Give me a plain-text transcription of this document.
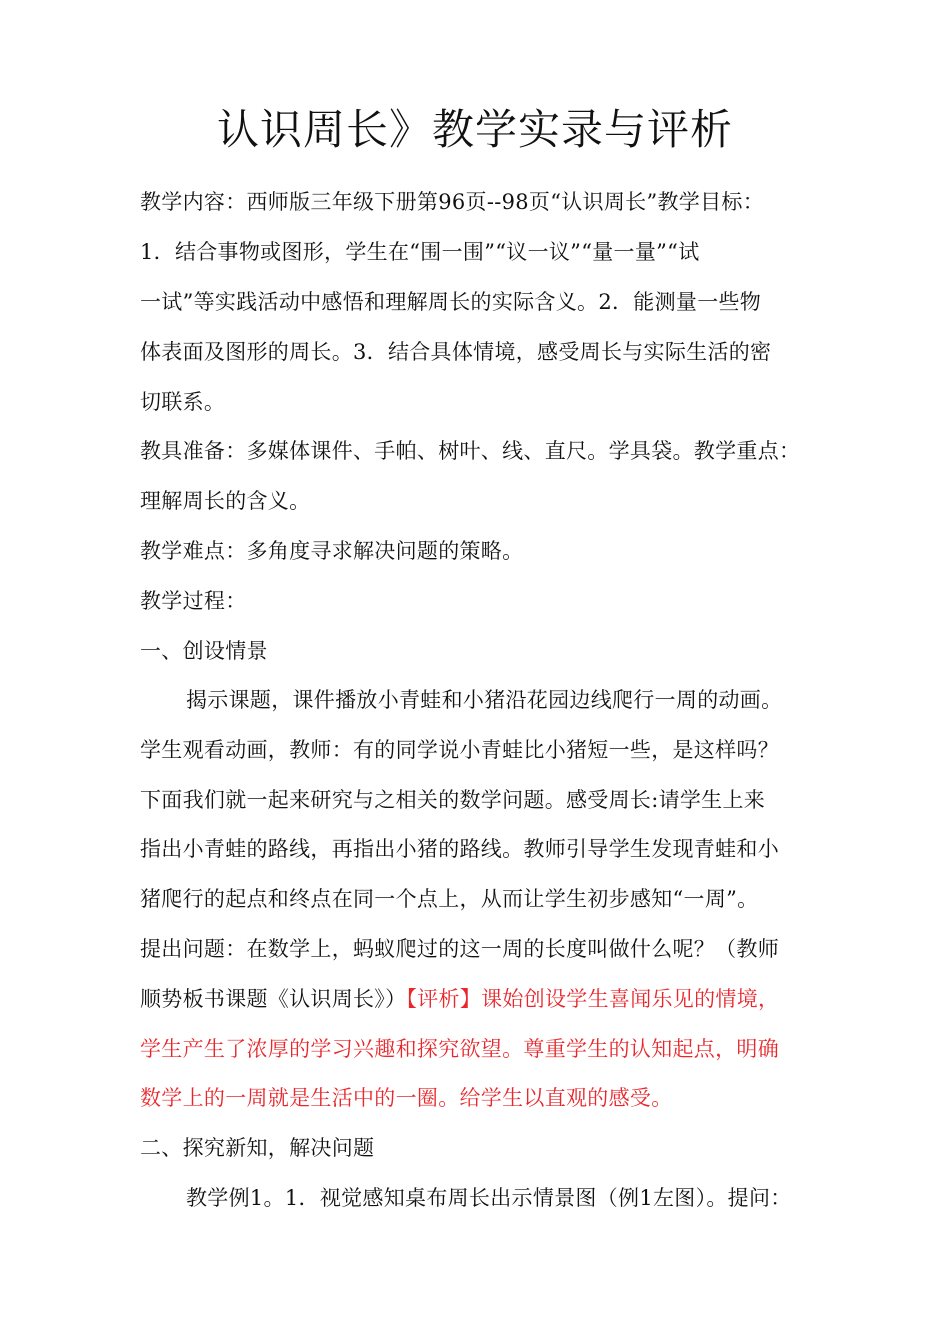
认识周长》教学实录与评析
教学内容：西师版三年级下册第96页--98页“认识周长”教学目标：
1．结合事物或图形，学生在“围一围”“议一议”“量一量”“试
一试”等实践活动中感悟和理解周长的实际含义。2．能测量一些物
体表面及图形的周长。3．结合具体情境，感受周长与实际生活的密
切联系。
教具准备：多媒体课件、手帕、树叶、线、直尺。学具袋。教学重点：
理解周长的含义。
教学难点：多角度寻求解决问题的策略。
教学过程：
一、创设情景
揭示课题，课件播放小青蛙和小猪沿花园边线爬行一周的动画。
学生观看动画，教师：有的同学说小青蛙比小猪短一些，是这样吗？
下面我们就一起来研究与之相关的数学问题。感受周长:请学生上来
指出小青蛙的路线，再指出小猪的路线。教师引导学生发现青蛙和小
猪爬行的起点和终点在同一个点上，从而让学生初步感知“一周”。
提出问题：在数学上，蚂蚁爬过的这一周的长度叫做什么呢？（教师
顺势板书课题《认识周长》）【评析】课始创设学生喜闻乐见的情境，
学生产生了浓厚的学习兴趣和探究欲望。尊重学生的认知起点，明确
数学上的一周就是生活中的一圈。给学生以直观的感受。
二、探究新知，解决问题
教学例1。1．视觉感知桌布周长出示情景图（例1左图）。提问：
